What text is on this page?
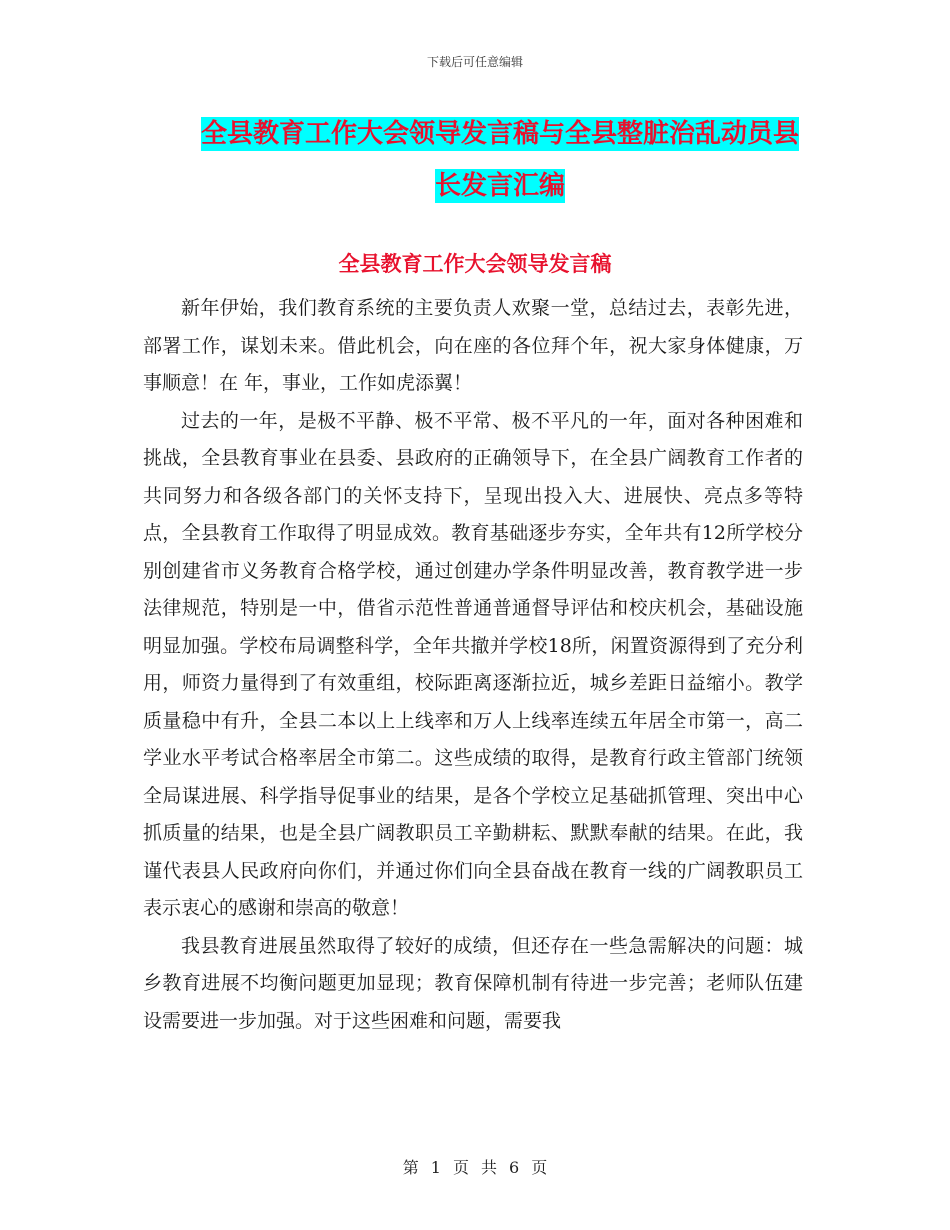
下载后可任意编辑
全县教育工作大会领导发言稿与全县整脏治乱动员县
长发言汇编
全县教育工作大会领导发言稿

新年伊始，我们教育系统的主要负责人欢聚一堂，总结过去，表彰先进，部署工作，谋划未来。借此机会，向在座的各位拜个年，祝大家身体健康，万事顺意！在 年，事业，工作如虎添翼！

过去的一年，是极不平静、极不平常、极不平凡的一年，面对各种困难和挑战，全县教育事业在县委、县政府的正确领导下，在全县广阔教育工作者的共同努力和各级各部门的关怀支持下，呈现出投入大、进展快、亮点多等特点，全县教育工作取得了明显成效。教育基础逐步夯实，全年共有12所学校分别创建省市义务教育合格学校，通过创建办学条件明显改善，教育教学进一步法律规范，特别是一中，借省示范性普通普通督导评估和校庆机会，基础设施明显加强。学校布局调整科学，全年共撤并学校18所，闲置资源得到了充分利用，师资力量得到了有效重组，校际距离逐渐拉近，城乡差距日益缩小。教学质量稳中有升，全县二本以上上线率和万人上线率连续五年居全市第一，高二学业水平考试合格率居全市第二。这些成绩的取得，是教育行政主管部门统领全局谋进展、科学指导促事业的结果，是各个学校立足基础抓管理、突出中心抓质量的结果，也是全县广阔教职员工辛勤耕耘、默默奉献的结果。在此，我谨代表县人民政府向你们，并通过你们向全县奋战在教育一线的广阔教职员工表示衷心的感谢和崇高的敬意！

我县教育进展虽然取得了较好的成绩，但还存在一些急需解决的问题：城乡教育进展不均衡问题更加显现；教育保障机制有待进一步完善；老师队伍建设需要进一步加强。对于这些困难和问题，需要我

第 1 页 共 6 页
